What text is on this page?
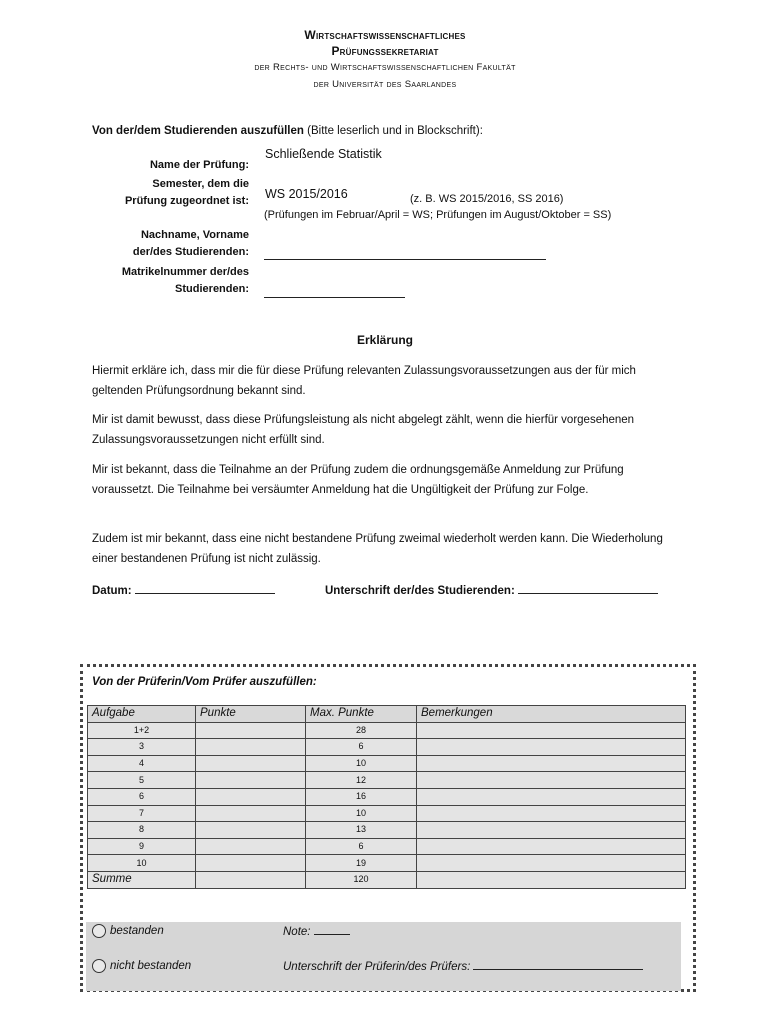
Wirtschaftswissenschaftliches
Prüfungssekretariat
der Rechts- und Wirtschaftswissenschaftlichen Fakultät
der Universität des Saarlandes
Von der/dem Studierenden auszufüllen (Bitte leserlich und in Blockschrift):
Name der Prüfung:
Schließende Statistik
Semester, dem die
Prüfung zugeordnet ist: WS 2015/2016	(z. B. WS 2015/2016, SS 2016)
(Prüfungen im Februar/April = WS; Prüfungen im August/Oktober = SS)
Nachname, Vorname
der/des Studierenden:
Matrikelnummer der/des
Studierenden:
Erklärung
Hiermit erkläre ich, dass mir die für diese Prüfung relevanten Zulassungsvoraussetzungen aus der für mich geltenden Prüfungsordnung bekannt sind.
Mir ist damit bewusst, dass diese Prüfungsleistung als nicht abgelegt zählt, wenn die hierfür vorgesehenen Zulassungsvoraussetzungen nicht erfüllt sind.
Mir ist bekannt, dass die Teilnahme an der Prüfung zudem die ordnungsgemäße Anmeldung zur Prüfung voraussetzt. Die Teilnahme bei versäumter Anmeldung hat die Ungültigkeit der Prüfung zur Folge.
Zudem ist mir bekannt, dass eine nicht bestandene Prüfung zweimal wiederholt werden kann. Die Wiederholung einer bestandenen Prüfung ist nicht zulässig.
Datum:	Unterschrift der/des Studierenden:
Von der Prüferin/Vom Prüfer auszufüllen:
Aufgabe	Punkte	Max. Punkte	Bemerkungen
1+2		28	
3		6	
4		10	
5		12	
6		16	
7		10	
8		13	
9		6	
10		19	
Summe		120	
bestanden
nicht bestanden
Note:
Unterschrift der Prüferin/des Prüfers:
